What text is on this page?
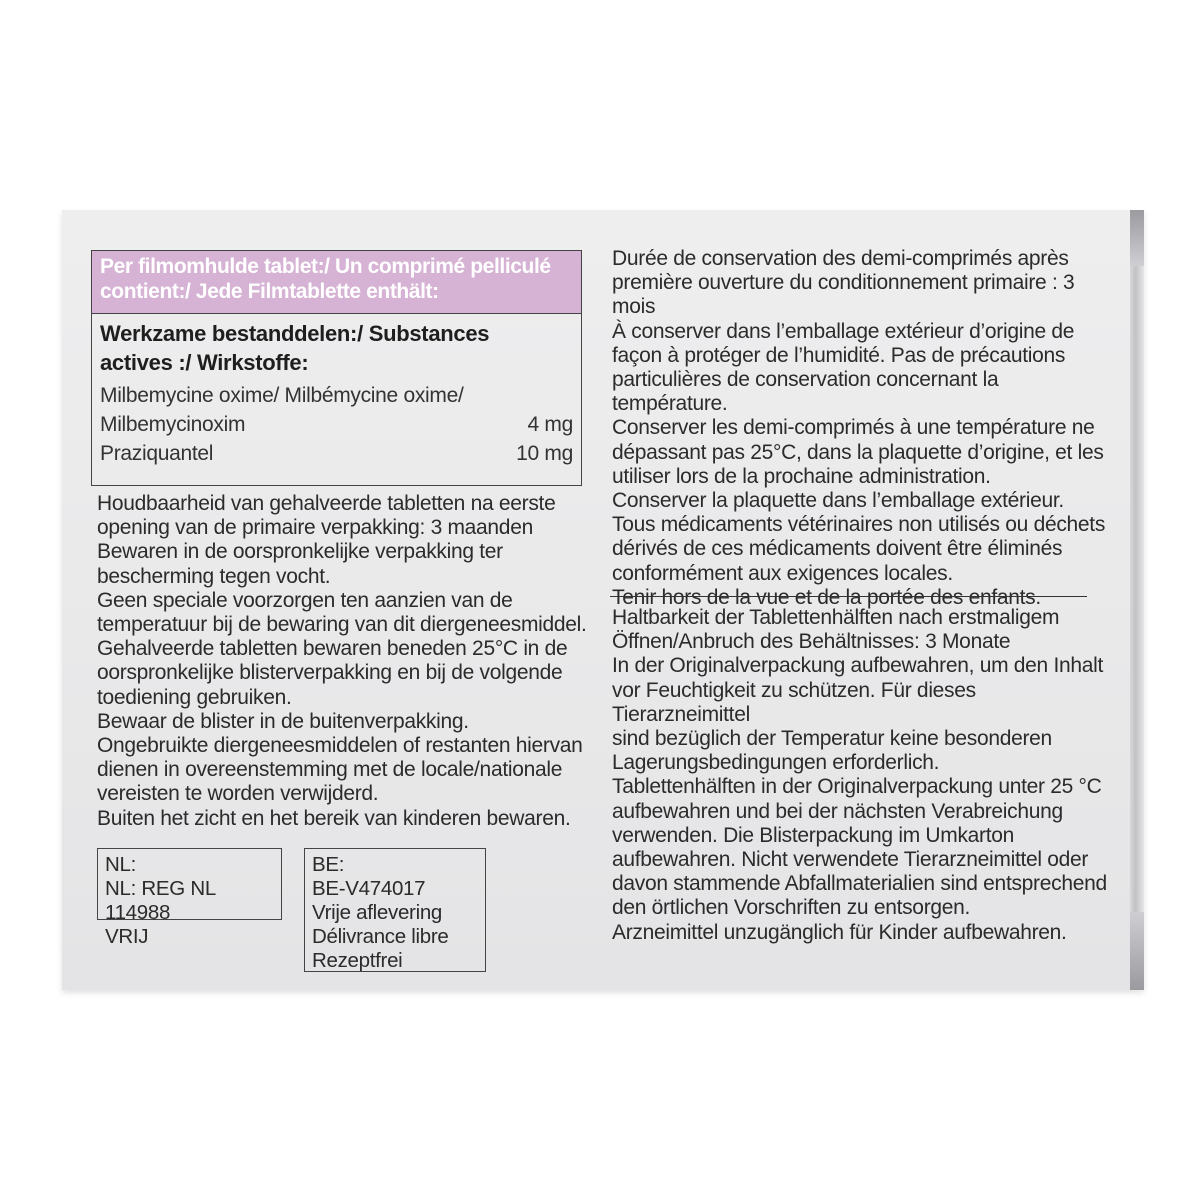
Per filmomhulde tablet:/ Un comprimé pelliculé
contient:/ Jede Filmtablette enthält:
Werkzame bestanddelen:/ Substances
actives :/ Wirkstoffe:
Milbemycine oxime/ Milbémycine oxime/
Milbemycinoxim	4 mg
Praziquantel	10 mg

Houdbaarheid van gehalveerde tabletten na eerste

opening van de primaire verpakking: 3 maanden

Bewaren in de oorspronkelijke verpakking ter

bescherming tegen vocht.

Geen speciale voorzorgen ten aanzien van de

temperatuur bij de bewaring van dit diergeneesmiddel.

Gehalveerde tabletten bewaren beneden 25°C in de

oorspronkelijke blisterverpakking en bij de volgende

toediening gebruiken.

Bewaar de blister in de buitenverpakking.

Ongebruikte diergeneesmiddelen of restanten hiervan

dienen in overeenstemming met de locale/nationale

vereisten te worden verwijderd.

Buiten het zicht en het bereik van kinderen bewaren.

NL:
NL: REG NL 114988
VRIJ
BE:
BE-V474017
Vrije aflevering
Délivrance libre
Rezeptfrei

Durée de conservation des demi-comprimés après

première ouverture du conditionnement primaire : 3 mois

À conserver dans l’emballage extérieur d’origine de

façon à protéger de l’humidité. Pas de précautions

particulières de conservation concernant la température.

Conserver les demi-comprimés à une température ne

dépassant pas 25°C, dans la plaquette d’origine, et les

utiliser lors de la prochaine administration.

Conserver la plaquette dans l’emballage extérieur.

Tous médicaments vétérinaires non utilisés ou déchets

dérivés de ces médicaments doivent être éliminés

conformément aux exigences locales.

Tenir hors de la vue et de la portée des enfants.

Haltbarkeit der Tablettenhälften nach erstmaligem

Öffnen/Anbruch des Behältnisses: 3 Monate

In der Originalverpackung aufbewahren, um den Inhalt

vor Feuchtigkeit zu schützen. Für dieses Tierarzneimittel

sind bezüglich der Temperatur keine besonderen

Lagerungsbedingungen erforderlich.

Tablettenhälften in der Originalverpackung unter 25 °C

aufbewahren und bei der nächsten Verabreichung

verwenden. Die Blisterpackung im Umkarton

aufbewahren. Nicht verwendete Tierarzneimittel oder

davon stammende Abfallmaterialien sind entsprechend

den örtlichen Vorschriften zu entsorgen.

Arzneimittel unzugänglich für Kinder aufbewahren.
